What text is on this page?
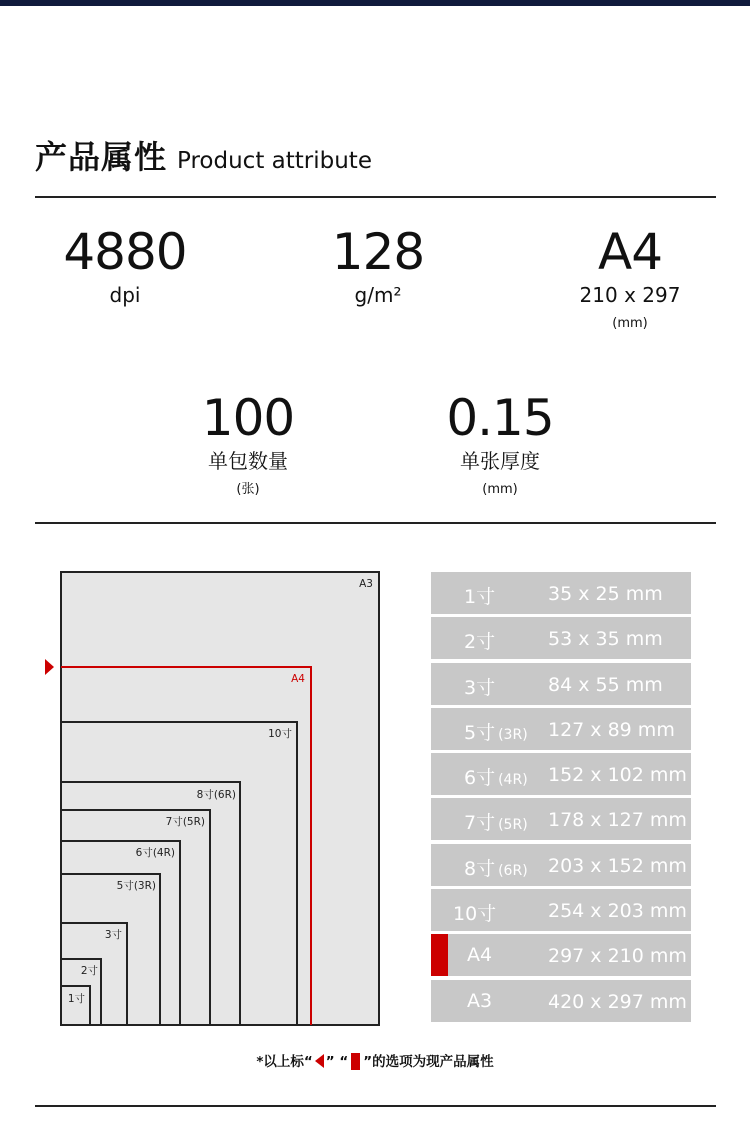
产品属性 Product attribute
4880
dpi
128
g/m²
A4
210 x 297
(mm)
100
单包数量
(张)
0.15
单张厚度
(mm)
A3
A4
10寸
8寸(6R)
7寸(5R)
6寸(4R)
5寸(3R)
3寸
2寸
1寸
1寸	35 x 25 mm
2寸	53 x 35 mm
3寸	84 x 55 mm
5寸 (3R) 127 x 89 mm
6寸 (4R) 152 x 102 mm
7寸 (5R) 178 x 127 mm
8寸 (6R) 203 x 152 mm
10寸	254 x 203 mm
A4	297 x 210 mm
A3	420 x 297 mm
*以上标“ ” “ ”的选项为现产品属性
